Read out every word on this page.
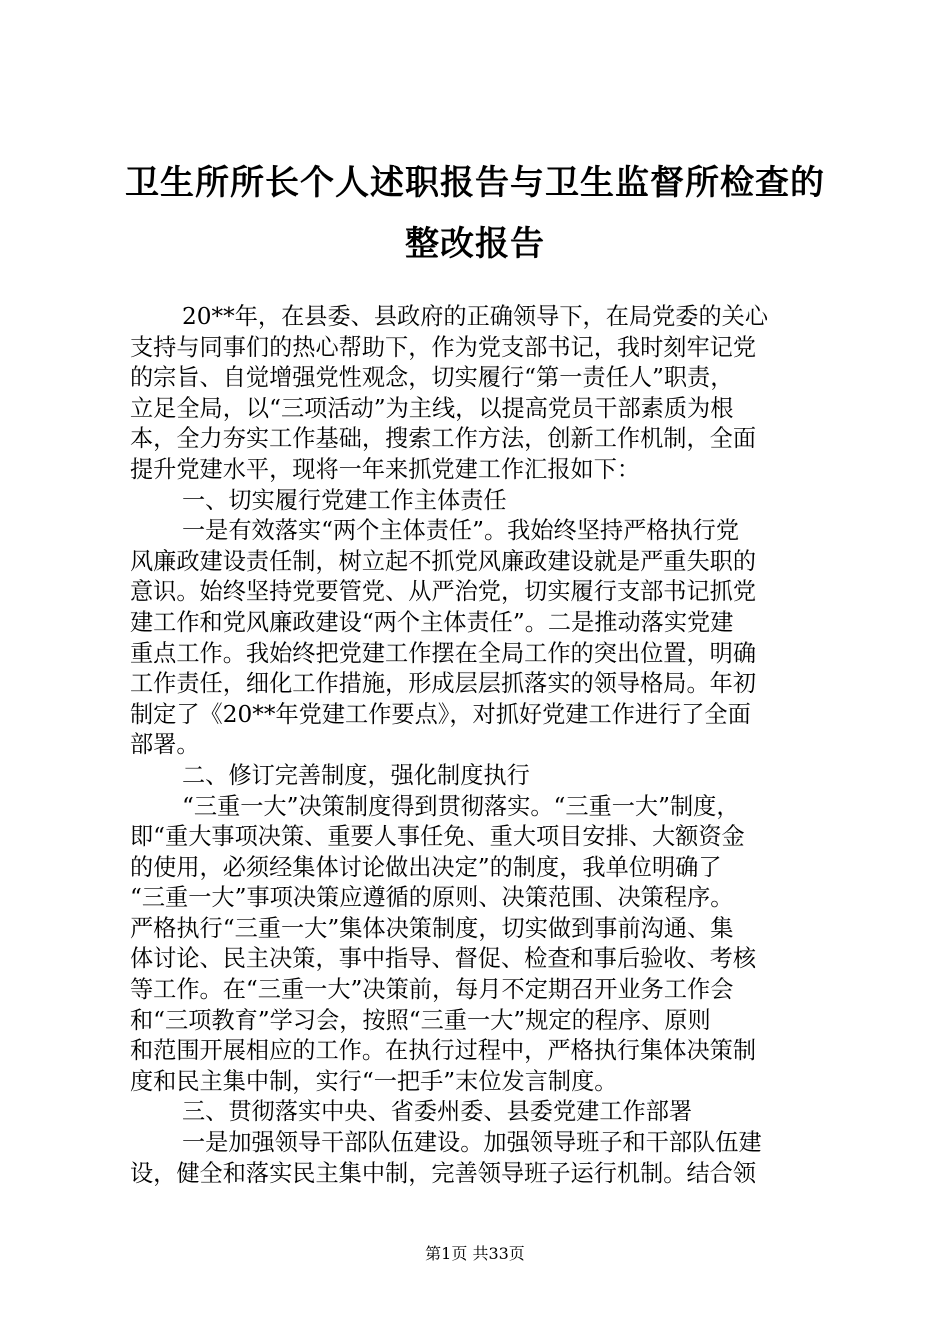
卫生所所长个人述职报告与卫生监督所检查的
整改报告
20**年，在县委、县政府的正确领导下，在局党委的关心
支持与同事们的热心帮助下，作为党支部书记，我时刻牢记党
的宗旨、自觉增强党性观念，切实履行“第一责任人”职责，
立足全局，以“三项活动”为主线，以提高党员干部素质为根
本，全力夯实工作基础，搜索工作方法，创新工作机制，全面
提升党建水平，现将一年来抓党建工作汇报如下：
一、切实履行党建工作主体责任
一是有效落实“两个主体责任”。我始终坚持严格执行党
风廉政建设责任制，树立起不抓党风廉政建设就是严重失职的
意识。始终坚持党要管党、从严治党，切实履行支部书记抓党
建工作和党风廉政建设“两个主体责任”。二是推动落实党建
重点工作。我始终把党建工作摆在全局工作的突出位置，明确
工作责任，细化工作措施，形成层层抓落实的领导格局。年初
制定了《20**年党建工作要点》，对抓好党建工作进行了全面
部署。
二、修订完善制度，强化制度执行
“三重一大”决策制度得到贯彻落实。“三重一大”制度，
即“重大事项决策、重要人事任免、重大项目安排、大额资金
的使用，必须经集体讨论做出决定”的制度，我单位明确了
“三重一大”事项决策应遵循的原则、决策范围、决策程序。
严格执行“三重一大”集体决策制度，切实做到事前沟通、集
体讨论、民主决策，事中指导、督促、检查和事后验收、考核
等工作。在“三重一大”决策前，每月不定期召开业务工作会
和“三项教育”学习会，按照“三重一大”规定的程序、原则
和范围开展相应的工作。在执行过程中，严格执行集体决策制
度和民主集中制，实行“一把手”末位发言制度。
三、贯彻落实中央、省委州委、县委党建工作部署
一是加强领导干部队伍建设。加强领导班子和干部队伍建
设，健全和落实民主集中制，完善领导班子运行机制。结合领
第1页 共33页
